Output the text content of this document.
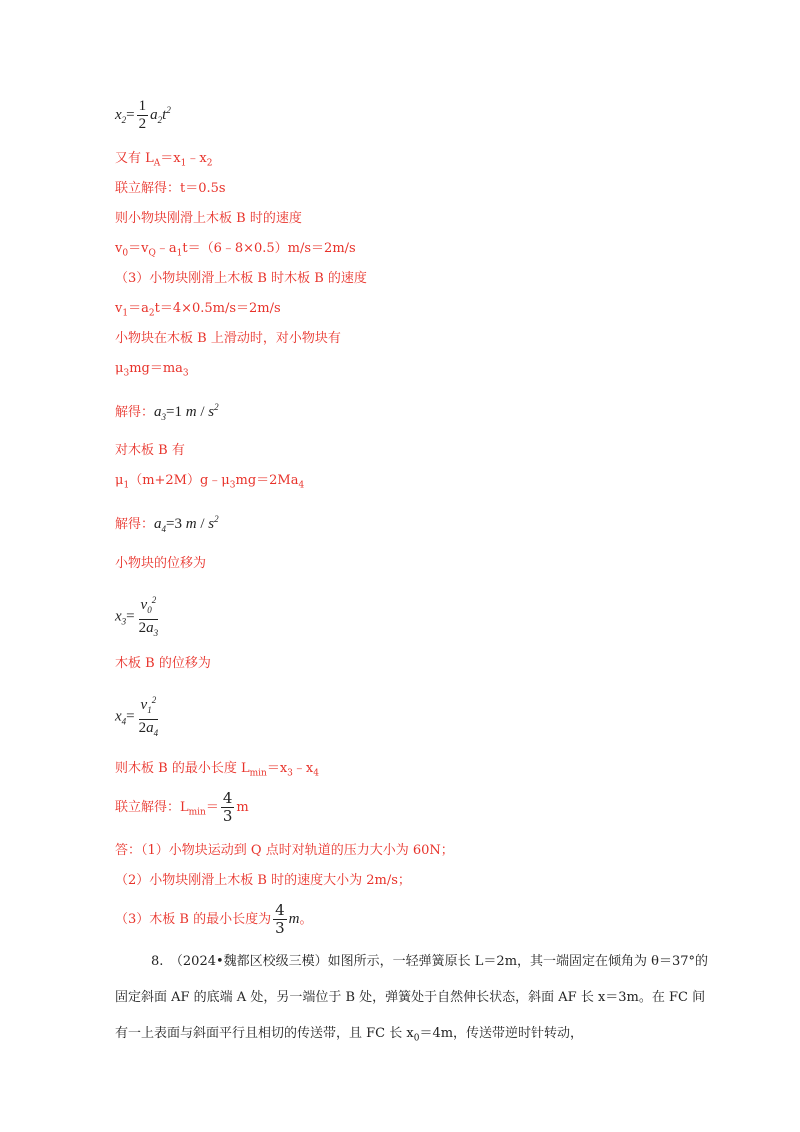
$x_2= \frac{1}{2} a_2t^2$
又有 $L_A=x_1﹣x_2$
联立解得：t＝0.5s
则小物块刚滑上木板 B 时的速度
$v_0=v_Q﹣a_1t=(6﹣8\times 0.5)m/s=2m/s$
（3）小物块刚滑上木板 B 时木板 B 的速度
$v_1=a_2t=4\times 0.5m/s=2m/s$
小物块在木板 B 上滑动时，对小物块有
$\mu_3mg=ma_3$
解得：$a_3=1$ m / $s^2$
对木板 B 有
$\mu_1(m+2M)g﹣\mu_3mg=2Ma_4$
解得：$a_4=3$ m / $s^2$
小物块的位移为
$x_3= \frac{v_0^2}{2a_3}$
木板 B 的位移为
$x_4= \frac{v_1^2}{2a_4}$
则木板 B 的最小长度 $L_{min}=x_3﹣x_4$
联立解得：$L_{min}= \frac{4}{3}$ m
答：（1）小物块运动到 Q 点时对轨道的压力大小为 60N；
（2）小物块刚滑上木板 B 时的速度大小为 2m/s；
（3）木板 B 的最小长度为 $\frac{4}{3}$ m。
8.　（2024•魏都区校级三模）如图所示，一轻弹簧原长 L＝2m，其一端固定在倾角为 θ＝37°的固定斜面 AF 的底端 A 处，另一端位于 B 处，弹簧处于自然伸长状态，斜面 AF 长 x＝3m。在 FC 间有一上表面与斜面平行且相切的传送带，且 FC 长 $x_0=4m$，传送带逆时针转动，
